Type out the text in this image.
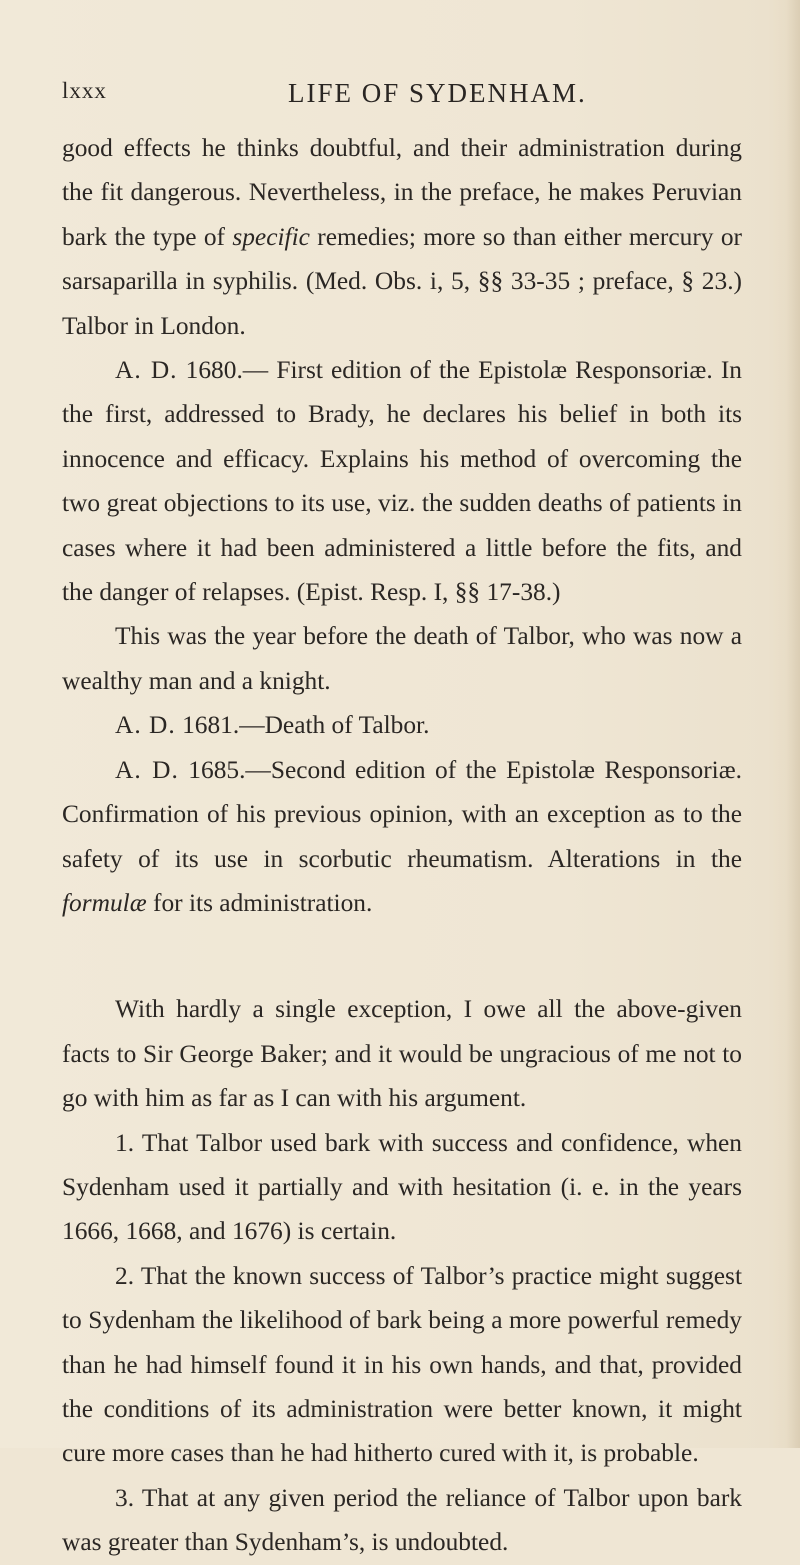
lxxx	LIFE OF SYDENHAM.

good effects he thinks doubtful, and their administration during the fit dangerous. Nevertheless, in the preface, he makes Peruvian bark the type of specific remedies; more so than either mercury or sarsaparilla in syphilis. (Med. Obs. i, 5, §§ 33-35 ; preface, § 23.) Talbor in London.

A. D. 1680.— First edition of the Epistolæ Responsoriæ. In the first, addressed to Brady, he declares his belief in both its innocence and efficacy. Explains his method of overcoming the two great objections to its use, viz. the sudden deaths of patients in cases where it had been administered a little before the fits, and the danger of relapses. (Epist. Resp. I, §§ 17-38.)

This was the year before the death of Talbor, who was now a wealthy man and a knight.

A. D. 1681.—Death of Talbor.

A. D. 1685.—Second edition of the Epistolæ Responsoriæ. Confirmation of his previous opinion, with an exception as to the safety of its use in scorbutic rheumatism. Alterations in the formulæ for its administration.

With hardly a single exception, I owe all the above-given facts to Sir George Baker; and it would be ungracious of me not to go with him as far as I can with his argument.

1. That Talbor used bark with success and confidence, when Sydenham used it partially and with hesitation (i. e. in the years 1666, 1668, and 1676) is certain.

2. That the known success of Talbor’s practice might suggest to Sydenham the likelihood of bark being a more powerful remedy than he had himself found it in his own hands, and that, provided the conditions of its administration were better known, it might cure more cases than he had hitherto cured with it, is probable.

3. That at any given period the reliance of Talbor upon bark was greater than Sydenham’s, is undoubted.
